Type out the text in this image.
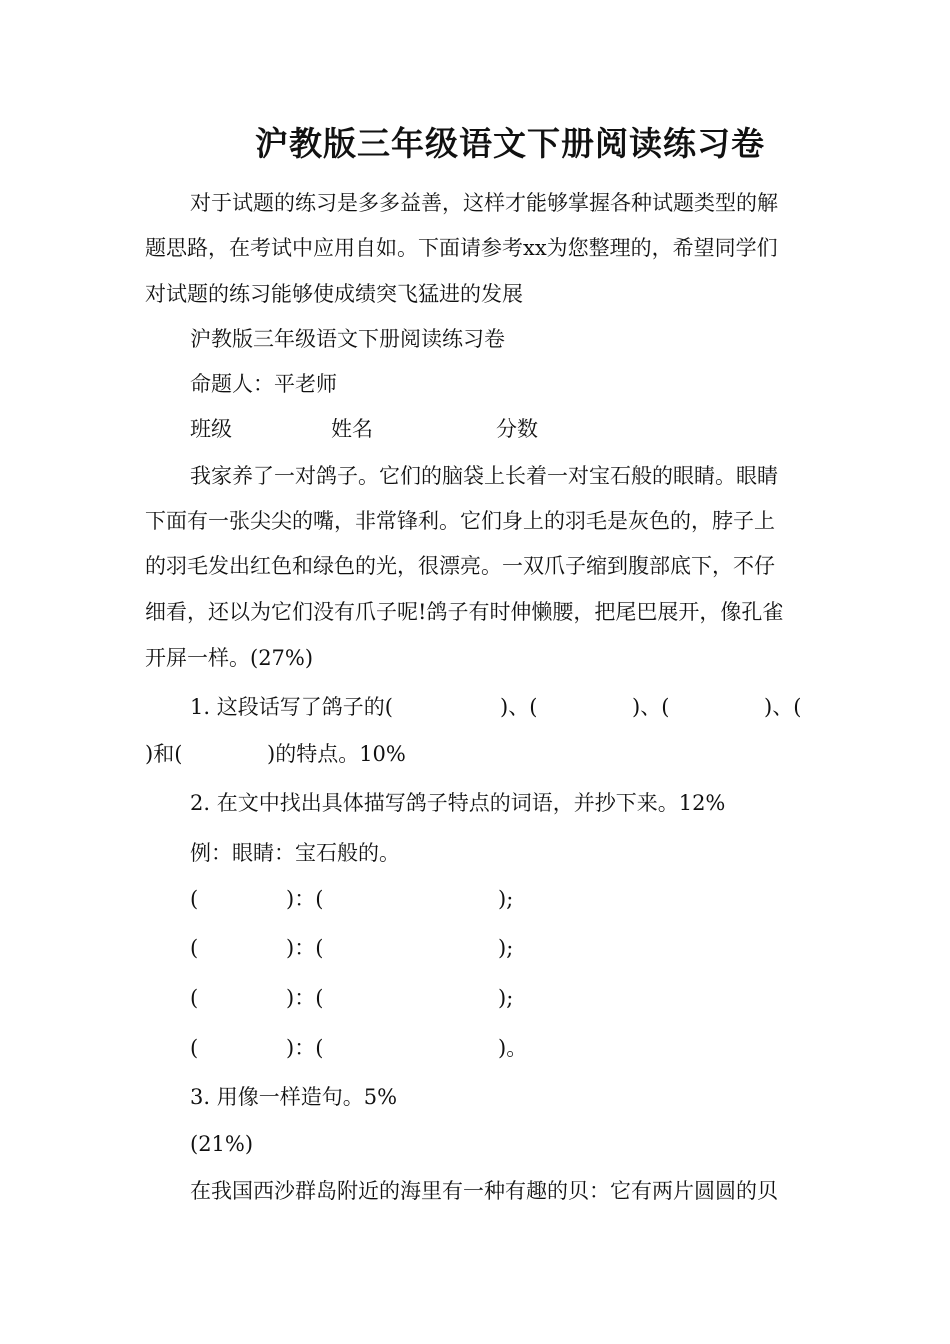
沪教版三年级语文下册阅读练习卷

对于试题的练习是多多益善，这样才能够掌握各种试题类型的解

题思路，在考试中应用自如。下面请参考xx为您整理的，希望同学们

对试题的练习能够使成绩突飞猛进的发展

沪教版三年级语文下册阅读练习卷

命题人：平老师

班级	姓名	分数

我家养了一对鸽子。它们的脑袋上长着一对宝石般的眼睛。眼睛

下面有一张尖尖的嘴，非常锋利。它们身上的羽毛是灰色的，脖子上

的羽毛发出红色和绿色的光，很漂亮。一双爪子缩到腹部底下，不仔

细看，还以为它们没有爪子呢!鸽子有时伸懒腰，把尾巴展开，像孔雀

开屏一样。(27%)

1. 这段话写了鸽子的(	)、(	)、(	)、(
)和(	)的特点。10%

2. 在文中找出具体描写鸽子特点的词语，并抄下来。12%

例：眼睛：宝石般的。

(	)：(	);
(	)：(	);
(	)：(	);
(	)：(	)。

3. 用像一样造句。5%

(21%)

在我国西沙群岛附近的海里有一种有趣的贝：它有两片圆圆的贝
